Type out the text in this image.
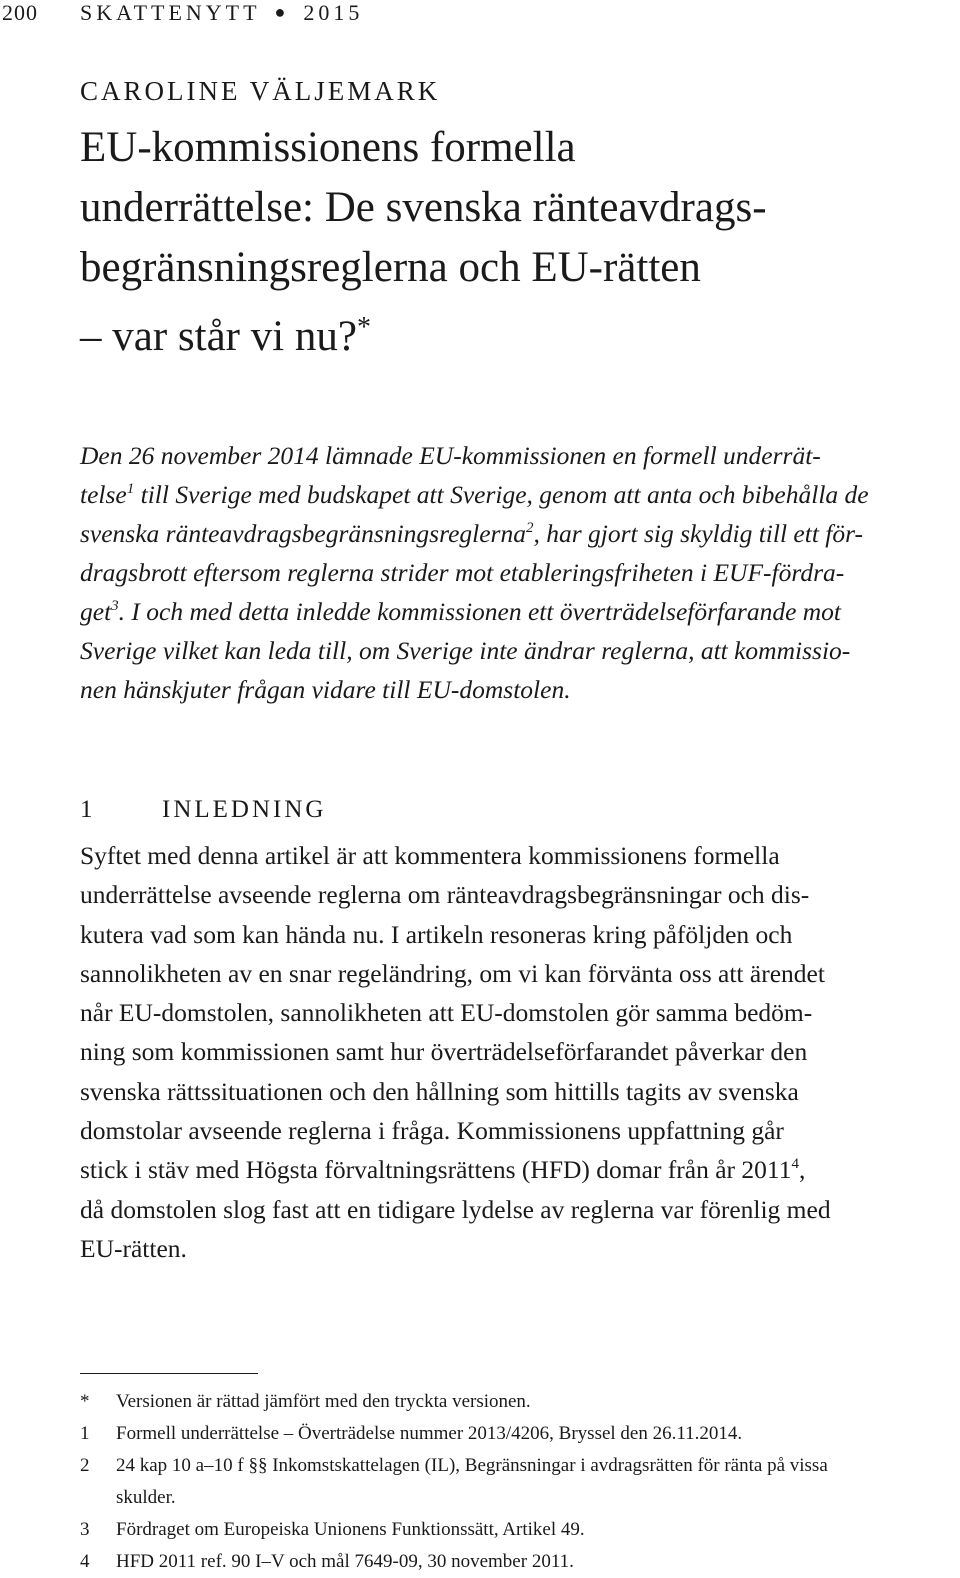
200 SKATTENYTT ● 2015
CAROLINE VÄLJEMARK
EU-kommissionens formella
underrättelse: De svenska ränteavdrags-
begränsningsreglerna och EU-rätten
– var står vi nu?*
Den 26 november 2014 lämnade EU-kommissionen en formell underrät-
telse$^1$ till Sverige med budskapet att Sverige, genom att anta och bibehålla de
svenska ränteavdragsbegränsningsreglerna$^2$, har gjort sig skyldig till ett för-
dragsbrott eftersom reglerna strider mot etableringsfriheten i EUF-fördra-
get$^3$. I och med detta inledde kommissionen ett överträdelseförfarande mot
Sverige vilket kan leda till, om Sverige inte ändrar reglerna, att kommissio-
nen hänskjuter frågan vidare till EU-domstolen.
1	INLEDNING
Syftet med denna artikel är att kommentera kommissionens formella
underrättelse avseende reglerna om ränteavdragsbegränsningar och dis-
kutera vad som kan hända nu. I artikeln resoneras kring påföljden och
sannolikheten av en snar regeländring, om vi kan förvänta oss att ärendet
når EU-domstolen, sannolikheten att EU-domstolen gör samma bedöm-
ning som kommissionen samt hur överträdelseförfarandet påverkar den
svenska rättssituationen och den hållning som hittills tagits av svenska
domstolar avseende reglerna i fråga. Kommissionens uppfattning går
stick i stäv med Högsta förvaltningsrättens (HFD) domar från år 2011$^4$,
då domstolen slog fast att en tidigare lydelse av reglerna var förenlig med
EU-rätten.
* Versionen är rättad jämfört med den tryckta versionen.
1 Formell underrättelse – Överträdelse nummer 2013/4206, Bryssel den 26.11.2014.
2 24 kap 10 a–10 f §§ Inkomstskattelagen (IL), Begränsningar i avdragsrätten för ränta på vissa
skulder.
3 Fördraget om Europeiska Unionens Funktionssätt, Artikel 49.
4 HFD 2011 ref. 90 I–V och mål 7649-09, 30 november 2011.
